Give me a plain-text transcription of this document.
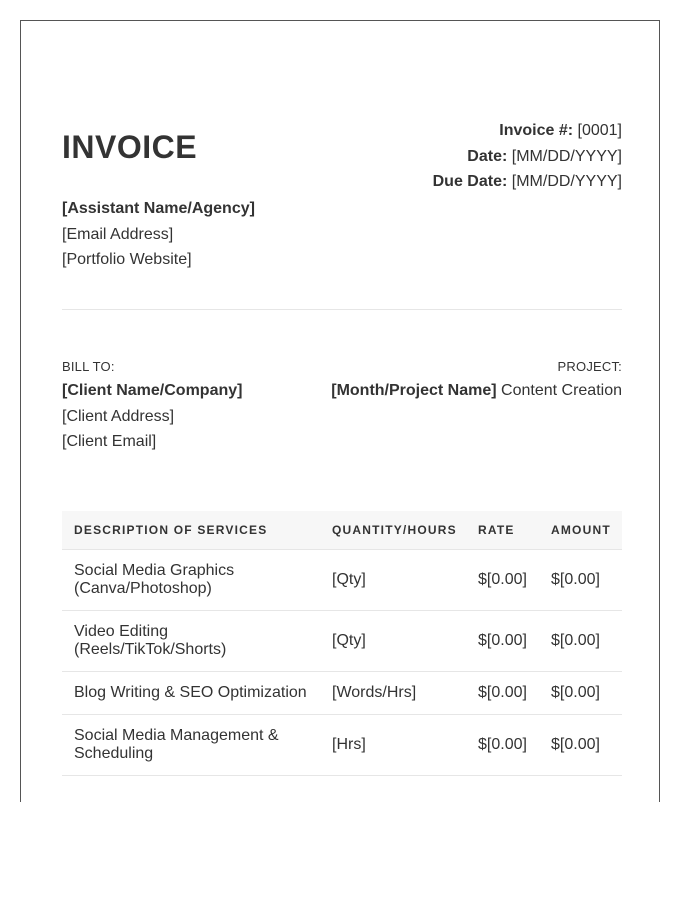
INVOICE	Invoice #: [0001]
Date: [MM/DD/YYYY]
Due Date: [MM/DD/YYYY]
[Assistant Name/Agency]
[Email Address]
[Portfolio Website]
BILL TO:
[Client Name/Company]
[Client Address]
[Client Email]
PROJECT:
[Month/Project Name] Content Creation
DESCRIPTION OF SERVICES	QUANTITY/HOURS	RATE	AMOUNT
Social Media Graphics (Canva/Photoshop)	[Qty]	$[0.00]	$[0.00]
Video Editing (Reels/TikTok/Shorts)	[Qty]	$[0.00]	$[0.00]
Blog Writing & SEO Optimization	[Words/Hrs]	$[0.00]	$[0.00]
Social Media Management & Scheduling	[Hrs]	$[0.00]	$[0.00]
